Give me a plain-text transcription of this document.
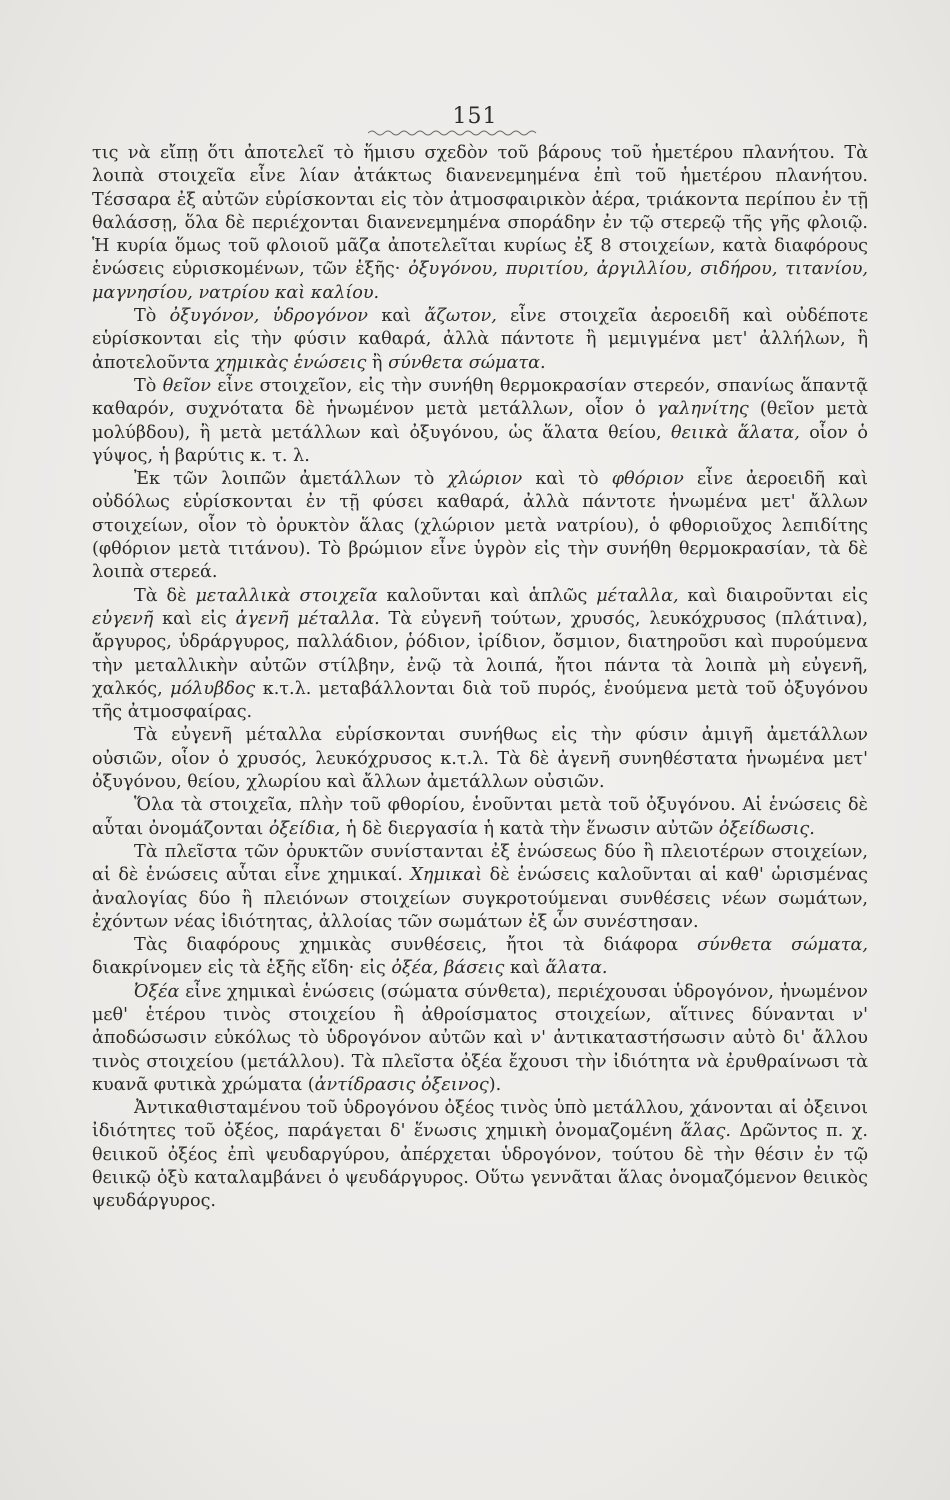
151

τις νὰ εἴπῃ ὅτι ἀποτελεῖ τὸ ἥμισυ σχεδὸν τοῦ βάρους τοῦ ἡμετέρου πλανήτου. Τὰ λοιπὰ στοιχεῖα εἶνε λίαν ἀτάκτως διανενεμημένα ἐπὶ τοῦ ἡμετέρου πλανήτου. Τέσσαρα ἐξ αὐτῶν εὑρίσκονται εἰς τὸν ἀτμοσφαιρικὸν ἀέρα, τριάκοντα περίπου ἐν τῇ θαλάσσῃ, ὅλα δὲ περιέχονται διανενεμημένα σποράδην ἐν τῷ στερεῷ τῆς γῆς φλοιῷ. Ἡ κυρία ὅμως τοῦ φλοιοῦ μᾶζα ἀποτελεῖται κυρίως ἐξ 8 στοιχείων, κατὰ διαφόρους ἑνώσεις εὑρισκομένων, τῶν ἑξῆς· ὀξυγόνου, πυριτίου, ἀργιλλίου, σιδήρου, τιτανίου, μαγνησίου, νατρίου καὶ καλίου.

Τὸ ὀξυγόνον, ὑδρογόνον καὶ ἄζωτον, εἶνε στοιχεῖα ἀεροειδῆ καὶ οὐδέποτε εὑρίσκονται εἰς τὴν φύσιν καθαρά, ἀλλὰ πάντοτε ἢ μεμιγμένα μετ' ἀλλήλων, ἢ ἀποτελοῦντα χημικὰς ἑνώσεις ἢ σύνθετα σώματα.

Τὸ θεῖον εἶνε στοιχεῖον, εἰς τὴν συνήθη θερμοκρασίαν στερεόν, σπανίως ἅπαντᾷ καθαρόν, συχνότατα δὲ ἡνωμένον μετὰ μετάλλων, οἷον ὁ γαληνίτης (θεῖον μετὰ μολύβδου), ἢ μετὰ μετάλλων καὶ ὀξυγόνου, ὡς ἅλατα θείου, θειικὰ ἅλατα, οἷον ὁ γύψος, ἡ βαρύτις κ. τ. λ.

Ἐκ τῶν λοιπῶν ἀμετάλλων τὸ χλώριον καὶ τὸ φθόριον εἶνε ἀεροειδῆ καὶ οὐδόλως εὑρίσκονται ἐν τῇ φύσει καθαρά, ἀλλὰ πάντοτε ἡνωμένα μετ' ἄλλων στοιχείων, οἷον τὸ ὀρυκτὸν ἅλας (χλώριον μετὰ νατρίου), ὁ φθοριοῦχος λεπιδίτης (φθόριον μετὰ τιτάνου). Τὸ βρώμιον εἶνε ὑγρὸν εἰς τὴν συνήθη θερμοκρασίαν, τὰ δὲ λοιπὰ στερεά.

Τὰ δὲ μεταλλικὰ στοιχεῖα καλοῦνται καὶ ἁπλῶς μέταλλα, καὶ διαιροῦνται εἰς εὐγενῆ καὶ εἰς ἀγενῆ μέταλλα. Τὰ εὐγενῆ τούτων, χρυσός, λευκόχρυσος (πλάτινα), ἄργυρος, ὑδράργυρος, παλλάδιον, ῥόδιον, ἰρίδιον, ὄσμιον, διατηροῦσι καὶ πυρούμενα τὴν μεταλλικὴν αὐτῶν στίλβην, ἐνῷ τὰ λοιπά, ἤτοι πάντα τὰ λοιπὰ μὴ εὐγενῆ, χαλκός, μόλυβδος κ.τ.λ. μεταβάλλονται διὰ τοῦ πυρός, ἑνούμενα μετὰ τοῦ ὀξυγόνου τῆς ἀτμοσφαίρας.

Τὰ εὐγενῆ μέταλλα εὑρίσκονται συνήθως εἰς τὴν φύσιν ἀμιγῆ ἀμετάλλων οὐσιῶν, οἷον ὁ χρυσός, λευκόχρυσος κ.τ.λ. Τὰ δὲ ἀγενῆ συνηθέστατα ἡνωμένα μετ' ὀξυγόνου, θείου, χλωρίου καὶ ἄλλων ἀμετάλλων οὐσιῶν.

Ὅλα τὰ στοιχεῖα, πλὴν τοῦ φθορίου, ἑνοῦνται μετὰ τοῦ ὀξυγόνου. Αἱ ἑνώσεις δὲ αὗται ὀνομάζονται ὀξείδια, ἡ δὲ διεργασία ἡ κατὰ τὴν ἕνωσιν αὐτῶν ὀξείδωσις.

Τὰ πλεῖστα τῶν ὀρυκτῶν συνίστανται ἐξ ἑνώσεως δύο ἢ πλειοτέρων στοιχείων, αἱ δὲ ἑνώσεις αὗται εἶνε χημικαί. Χημικαὶ δὲ ἑνώσεις καλοῦνται αἱ καθ' ὡρισμένας ἀναλογίας δύο ἢ πλειόνων στοιχείων συγκροτούμεναι συνθέσεις νέων σωμάτων, ἐχόντων νέας ἰδιότητας, ἀλλοίας τῶν σωμάτων ἐξ ὧν συνέστησαν.

Τὰς διαφόρους χημικὰς συνθέσεις, ἤτοι τὰ διάφορα σύνθετα σώματα, διακρίνομεν εἰς τὰ ἑξῆς εἴδη· εἰς ὀξέα, βάσεις καὶ ἅλατα.

Ὀξέα εἶνε χημικαὶ ἑνώσεις (σώματα σύνθετα), περιέχουσαι ὑδρογόνον, ἡνωμένον μεθ' ἑτέρου τινὸς στοιχείου ἢ ἀθροίσματος στοιχείων, αἵτινες δύνανται ν' ἀποδώσωσιν εὐκόλως τὸ ὑδρογόνον αὐτῶν καὶ ν' ἀντικαταστήσωσιν αὐτὸ δι' ἄλλου τινὸς στοιχείου (μετάλλου). Τὰ πλεῖστα ὀξέα ἔχουσι τὴν ἰδιότητα νὰ ἐρυθραίνωσι τὰ κυανᾶ φυτικὰ χρώματα (ἀντίδρασις ὀξεινος).

Ἀντικαθισταμένου τοῦ ὑδρογόνου ὀξέος τινὸς ὑπὸ μετάλλου, χάνονται αἱ ὀξεινοι ἰδιότητες τοῦ ὀξέος, παράγεται δ' ἕνωσις χημικὴ ὀνομαζομένη ἅλας. Δρῶντος π. χ. θειικοῦ ὀξέος ἐπὶ ψευδαργύρου, ἀπέρχεται ὑδρογόνον, τούτου δὲ τὴν θέσιν ἐν τῷ θειικῷ ὀξὺ καταλαμβάνει ὁ ψευδάργυρος. Οὕτω γεννᾶται ἅλας ὀνομαζόμενον θειικὸς ψευδάργυρος.
